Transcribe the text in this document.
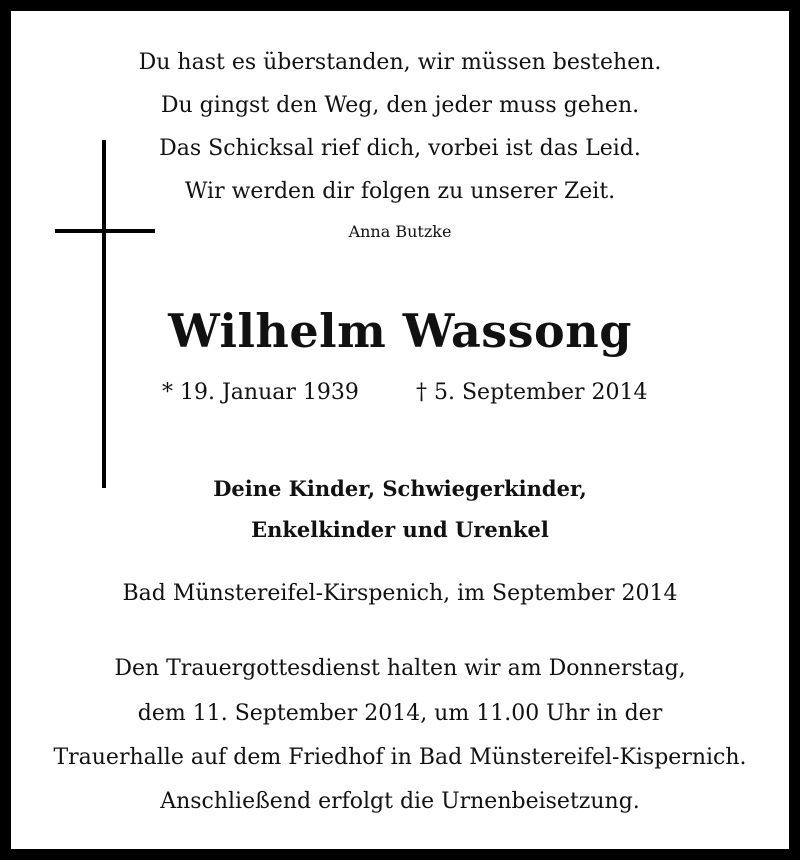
Du hast es überstanden, wir müssen bestehen.
Du gingst den Weg, den jeder muss gehen.
Das Schicksal rief dich, vorbei ist das Leid.
Wir werden dir folgen zu unserer Zeit.
Anna Butzke
Wilhelm Wassong
* 19. Januar 1939	† 5. September 2014
Deine Kinder, Schwiegerkinder,
Enkelkinder und Urenkel
Bad Münstereifel-Kirspenich, im September 2014
Den Trauergottesdienst halten wir am Donnerstag,
dem 11. September 2014, um 11.00 Uhr in der
Trauerhalle auf dem Friedhof in Bad Münstereifel-Kispernich.
Anschließend erfolgt die Urnenbeisetzung.
